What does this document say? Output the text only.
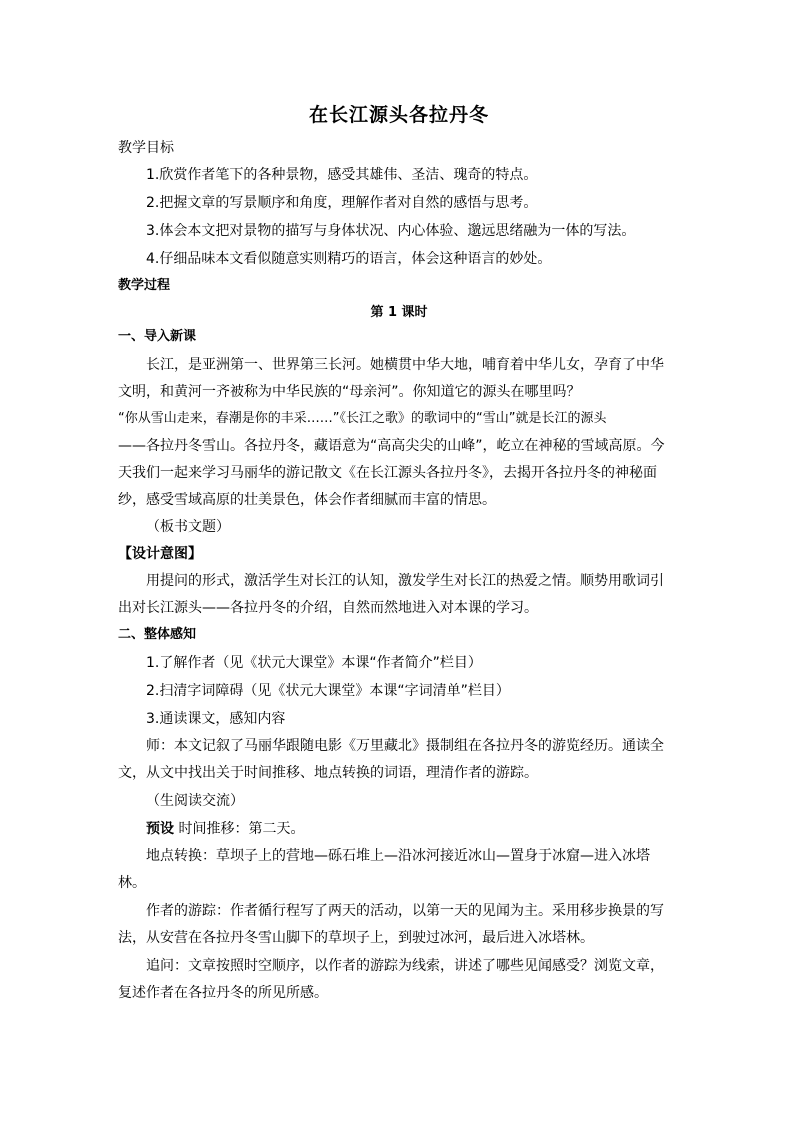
在长江源头各拉丹冬
教学目标
1.欣赏作者笔下的各种景物，感受其雄伟、圣洁、瑰奇的特点。
2.把握文章的写景顺序和角度，理解作者对自然的感悟与思考。
3.体会本文把对景物的描写与身体状况、内心体验、邈远思绪融为一体的写法。
4.仔细品味本文看似随意实则精巧的语言，体会这种语言的妙处。
教学过程
第 1 课时
一、导入新课
长江，是亚洲第一、世界第三长河。她横贯中华大地，哺育着中华儿女，孕育了中华
文明，和黄河一齐被称为中华民族的“母亲河”。你知道它的源头在哪里吗？
“你从雪山走来，春潮是你的丰采……”《长江之歌》的歌词中的“雪山”就是长江的源头
——各拉丹冬雪山。各拉丹冬，藏语意为“高高尖尖的山峰”，屹立在神秘的雪域高原。今
天我们一起来学习马丽华的游记散文《在长江源头各拉丹冬》，去揭开各拉丹冬的神秘面
纱，感受雪域高原的壮美景色，体会作者细腻而丰富的情思。
（板书文题）
【设计意图】
用提问的形式，激活学生对长江的认知，激发学生对长江的热爱之情。顺势用歌词引
出对长江源头——各拉丹冬的介绍，自然而然地进入对本课的学习。
二、整体感知
1.了解作者（见《状元大课堂》本课“作者简介”栏目）
2.扫清字词障碍（见《状元大课堂》本课“字词清单”栏目）
3.通读课文，感知内容
师：本文记叙了马丽华跟随电影《万里藏北》摄制组在各拉丹冬的游览经历。通读全
文，从文中找出关于时间推移、地点转换的词语，理清作者的游踪。
（生阅读交流）
预设 时间推移：第二天。
地点转换：草坝子上的营地—砾石堆上—沿冰河接近冰山—置身于冰窟—进入冰塔
林。
作者的游踪：作者循行程写了两天的活动，以第一天的见闻为主。采用移步换景的写
法，从安营在各拉丹冬雪山脚下的草坝子上，到驶过冰河，最后进入冰塔林。
追问：文章按照时空顺序，以作者的游踪为线索，讲述了哪些见闻感受？浏览文章，
复述作者在各拉丹冬的所见所感。
